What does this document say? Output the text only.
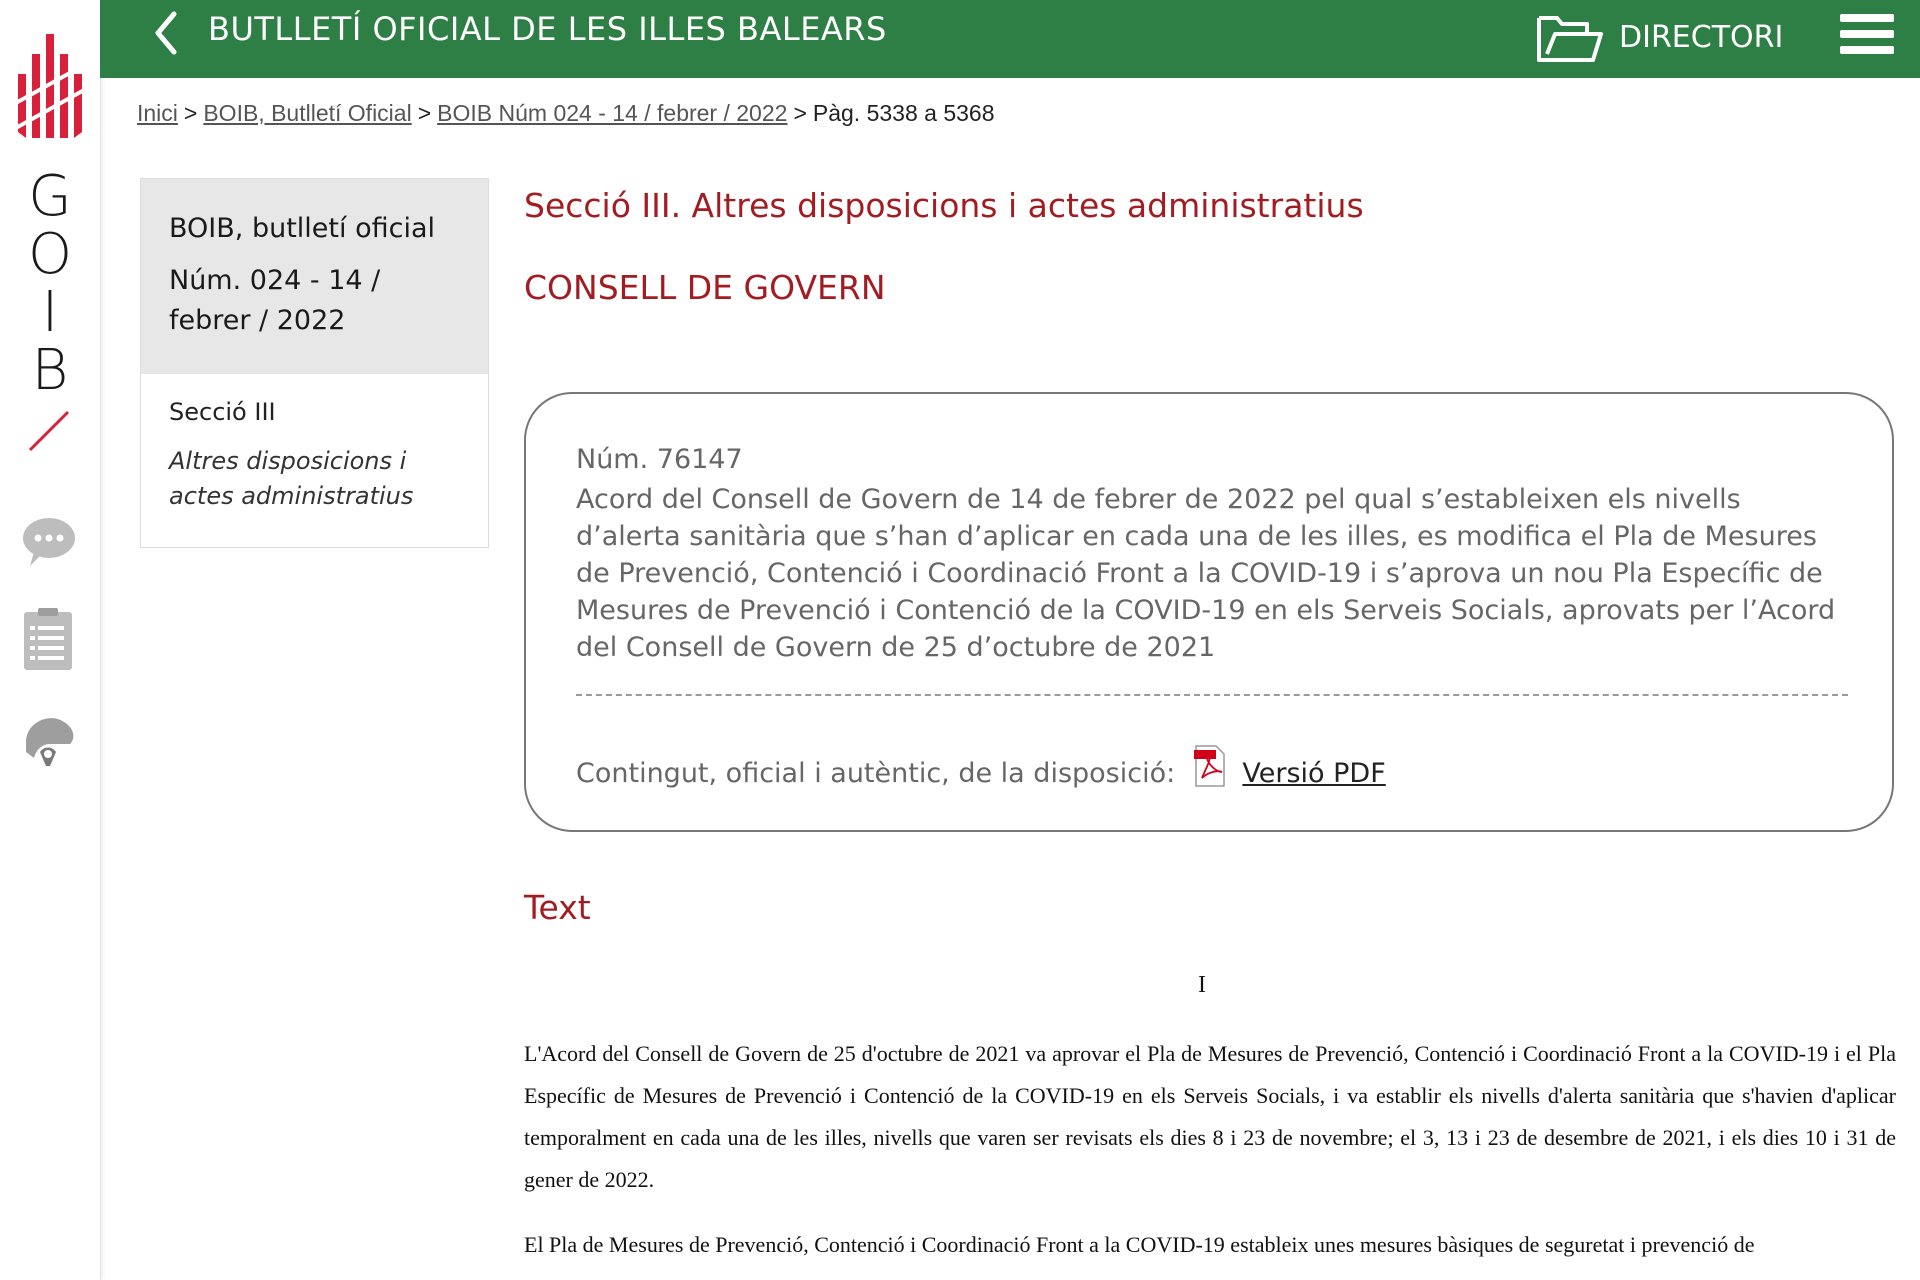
G
O
I
B
BUTLLETÍ OFICIAL DE LES ILLES BALEARS	DIRECTORI
Inici > BOIB, Butlletí Oficial > BOIB Núm 024 - 14 / febrer / 2022 > Pàg. 5338 a 5368
BOIB, butlletí oficial
Núm. 024 - 14 / febrer / 2022
Secció III
Altres disposicions i actes administratius
Secció III. Altres disposicions i actes administratius
CONSELL DE GOVERN
Núm. 76147
Acord del Consell de Govern de 14 de febrer de 2022 pel qual s’estableixen els nivells d’alerta sanitària que s’han d’aplicar en cada una de les illes, es modifica el Pla de Mesures de Prevenció, Contenció i Coordinació Front a la COVID-19 i s’aprova un nou Pla Específic de Mesures de Prevenció i Contenció de la COVID-19 en els Serveis Socials, aprovats per l’Acord del Consell de Govern de 25 d’octubre de 2021
Contingut, oficial i autèntic, de la disposició: Versió PDF
Text
I
L'Acord del Consell de Govern de 25 d'octubre de 2021 va aprovar el Pla de Mesures de Prevenció, Contenció i Coordinació Front a la COVID-19 i el Pla Específic de Mesures de Prevenció i Contenció de la COVID-19 en els Serveis Socials, i va establir els nivells d'alerta sanitària que s'havien d'aplicar temporalment en cada una de les illes, nivells que varen ser revisats els dies 8 i 23 de novembre; el 3, 13 i 23 de desembre de 2021, i els dies 10 i 31 de gener de 2022.
El Pla de Mesures de Prevenció, Contenció i Coordinació Front a la COVID-19 estableix unes mesures bàsiques de seguretat i prevenció de
